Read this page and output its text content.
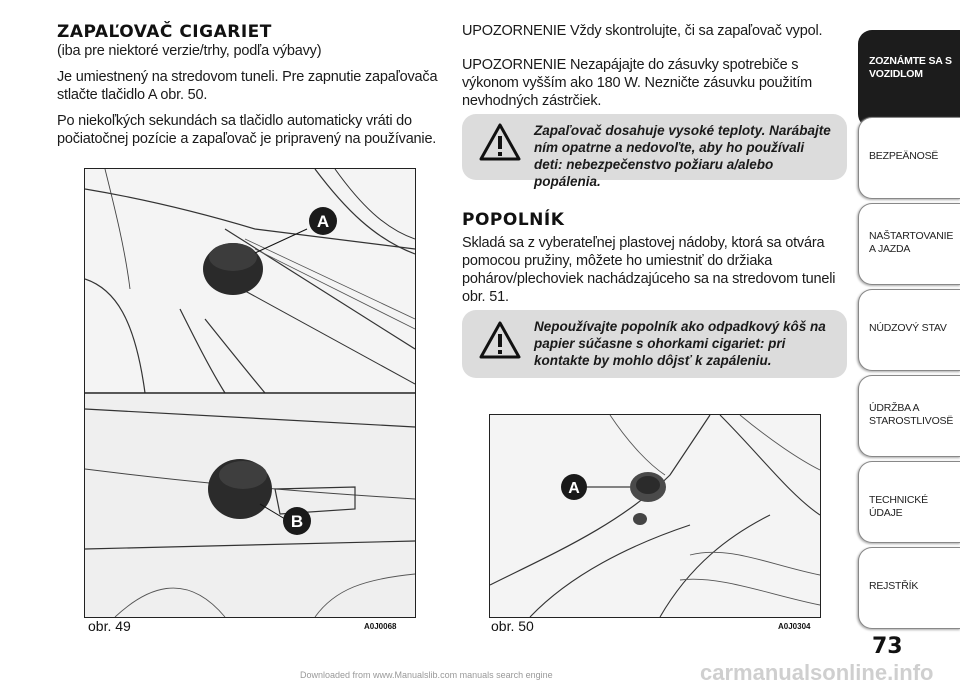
ZAPAĽOVAČ CIGARIET
(iba pre niektoré verzie/trhy, podľa výbavy)
Je umiestnený na stredovom tuneli. Pre zapnutie zapaľovača stlačte tlačidlo A obr. 50.
Po niekoľkých sekundách sa tlačidlo automaticky vráti do počiatočnej pozície a zapaľovač je pripravený na používanie.
A
B
obr. 49	A0J0068
UPOZORNENIE Vždy skontrolujte, či sa zapaľovač vypol.
UPOZORNENIE Nezapájajte do zásuvky spotrebiče s výkonom vyšším ako 180 W. Nezničte zásuvku použitím nevhodných zástrčiek.
Zapaľovač dosahuje vysoké teploty. Narábajte ním opatrne a nedovoľte, aby ho používali deti: nebezpečenstvo požiaru a/alebo popálenia.
POPOLNÍK
Skladá sa z vyberateľnej plastovej nádoby, ktorá sa otvára pomocou pružiny, môžete ho umiestniť do držiaka pohárov/plechoviek nachádzajúceho sa na stredovom tuneli obr. 51.
Nepoužívajte popolník ako odpadkový kôš na papier súčasne s ohorkami cigariet: pri kontakte by mohlo dôjsť k zapáleniu.
A
obr. 50	A0J0304
ZOZNÁMTE SA S VOZIDLOM
BEZPEÄNOSË
NAŠTARTOVANIE A JAZDA
NÚDZOVÝ STAV
ÚDRŽBA A STAROSTLIVOSË
TECHNICKÉ ÚDAJE
REJSTŘÍK
73
Downloaded from www.Manualslib.com manuals search engine	carmanualsonline.info
